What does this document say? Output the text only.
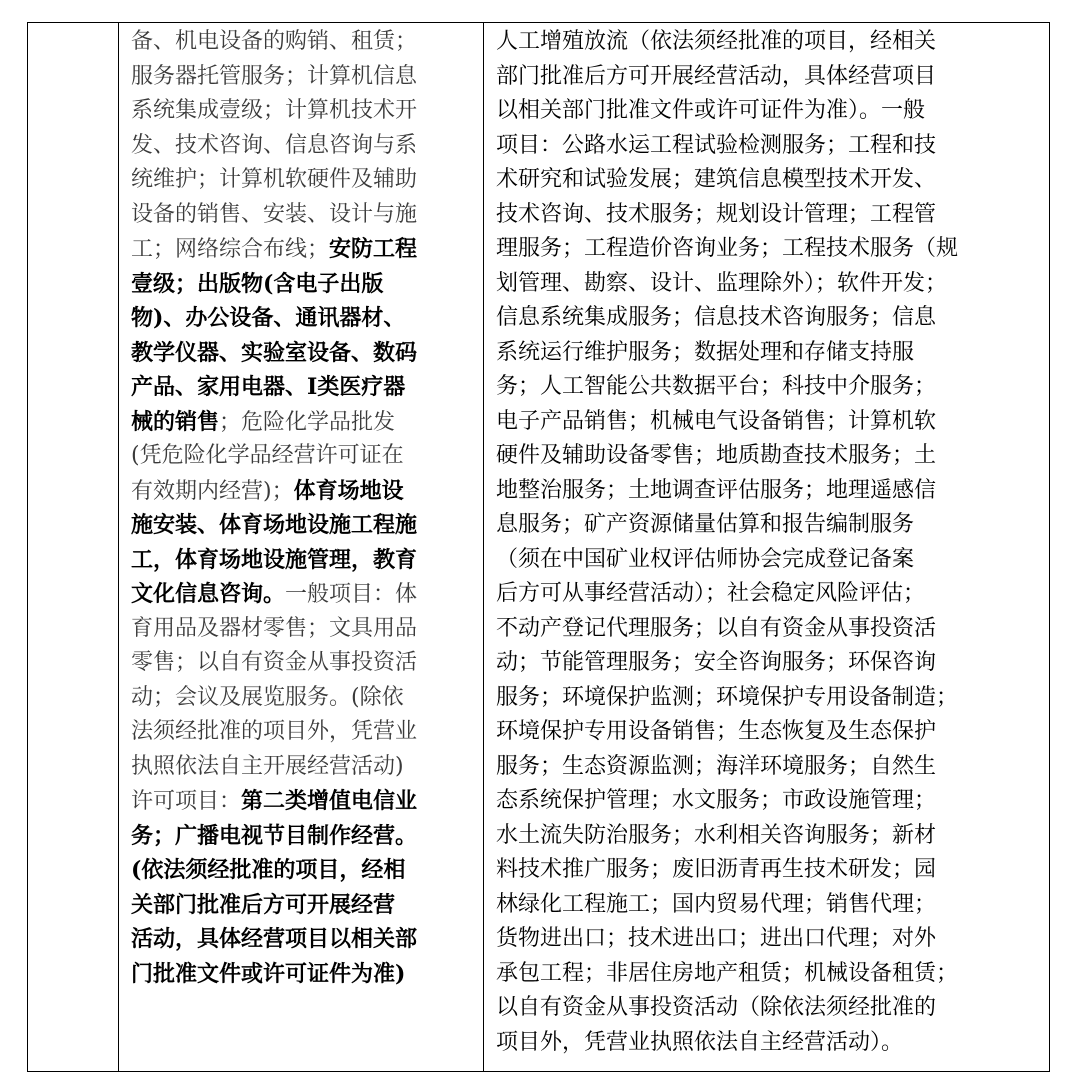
备、机电设备的购销、租赁；
服务器托管服务；计算机信息
系统集成壹级；计算机技术开
发、技术咨询、信息咨询与系
统维护；计算机软硬件及辅助
设备的销售、安装、设计与施
工；网络综合布线；安防工程
壹级；出版物(含电子出版
物)、办公设备、通讯器材、
教学仪器、实验室设备、数码
产品、家用电器、Ⅰ类医疗器
械的销售；危险化学品批发
(凭危险化学品经营许可证在
有效期内经营)；体育场地设
施安装、体育场地设施工程施
工，体育场地设施管理，教育
文化信息咨询。一般项目：体
育用品及器材零售；文具用品
零售；以自有资金从事投资活
动；会议及展览服务。(除依
法须经批准的项目外，凭营业
执照依法自主开展经营活动)
许可项目：第二类增值电信业
务；广播电视节目制作经营。
(依法须经批准的项目，经相
关部门批准后方可开展经营
活动，具体经营项目以相关部
门批准文件或许可证件为准)

人工增殖放流（依法须经批准的项目，经相关
部门批准后方可开展经营活动，具体经营项目
以相关部门批准文件或许可证件为准）。一般
项目：公路水运工程试验检测服务；工程和技
术研究和试验发展；建筑信息模型技术开发、
技术咨询、技术服务；规划设计管理；工程管
理服务；工程造价咨询业务；工程技术服务（规
划管理、勘察、设计、监理除外）；软件开发；
信息系统集成服务；信息技术咨询服务；信息
系统运行维护服务；数据处理和存储支持服
务；人工智能公共数据平台；科技中介服务；
电子产品销售；机械电气设备销售；计算机软
硬件及辅助设备零售；地质勘查技术服务；土
地整治服务；土地调查评估服务；地理遥感信
息服务；矿产资源储量估算和报告编制服务
（须在中国矿业权评估师协会完成登记备案
后方可从事经营活动）；社会稳定风险评估；
不动产登记代理服务；以自有资金从事投资活
动；节能管理服务；安全咨询服务；环保咨询
服务；环境保护监测；环境保护专用设备制造；
环境保护专用设备销售；生态恢复及生态保护
服务；生态资源监测；海洋环境服务；自然生
态系统保护管理；水文服务；市政设施管理；
水土流失防治服务；水利相关咨询服务；新材
料技术推广服务；废旧沥青再生技术研发；园
林绿化工程施工；国内贸易代理；销售代理；
货物进出口；技术进出口；进出口代理；对外
承包工程；非居住房地产租赁；机械设备租赁；
以自有资金从事投资活动（除依法须经批准的
项目外，凭营业执照依法自主经营活动）。
